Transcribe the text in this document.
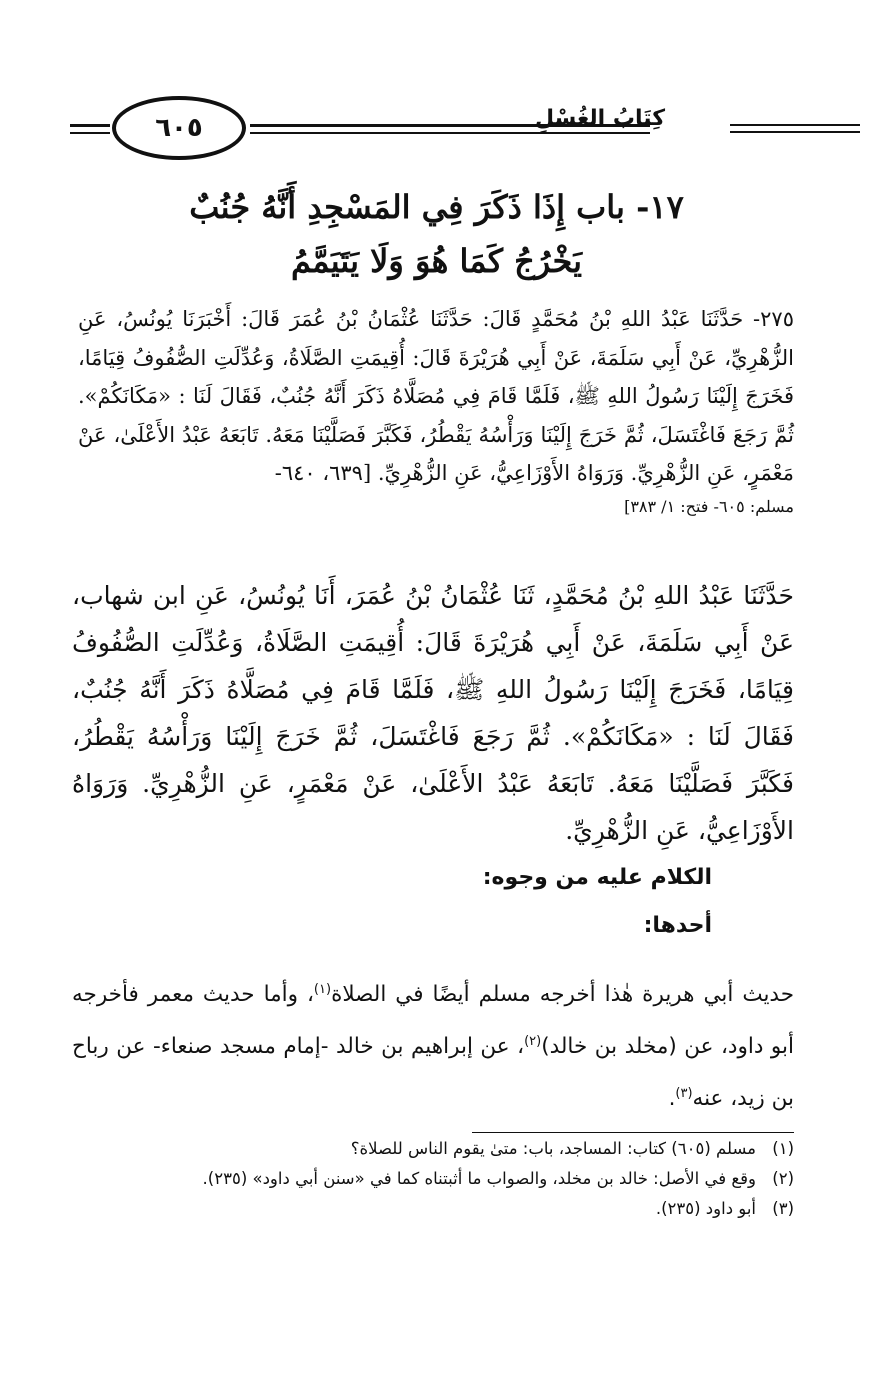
كِتَابُ الغُسْلِ
٦٠٥
١٧- باب إِذَا ذَكَرَ فِي المَسْجِدِ أَنَّهُ جُنُبٌ
يَخْرُجُ كَمَا هُوَ وَلَا يَتَيَمَّمُ

٢٧٥- حَدَّثَنَا عَبْدُ اللهِ بْنُ مُحَمَّدٍ قَالَ: حَدَّثَنَا عُثْمَانُ بْنُ عُمَرَ قَالَ: أَخْبَرَنَا يُونُسُ، عَنِ الزُّهْرِيِّ، عَنْ أَبِي سَلَمَةَ، عَنْ أَبِي هُرَيْرَةَ قَالَ: أُقِيمَتِ الصَّلَاةُ، وَعُدِّلَتِ الصُّفُوفُ قِيَامًا، فَخَرَجَ إِلَيْنَا رَسُولُ اللهِ ﷺ، فَلَمَّا قَامَ فِي مُصَلَّاهُ ذَكَرَ أَنَّهُ جُنُبٌ، فَقَالَ لَنَا : «مَكَانَكُمْ». ثُمَّ رَجَعَ فَاغْتَسَلَ، ثُمَّ خَرَجَ إِلَيْنَا وَرَأْسُهُ يَقْطُرُ، فَكَبَّرَ فَصَلَّيْنَا مَعَهُ. تَابَعَهُ عَبْدُ الأَعْلَىٰ، عَنْ مَعْمَرٍ، عَنِ الزُّهْرِيِّ. وَرَوَاهُ الأَوْزَاعِيُّ، عَنِ الزُّهْرِيِّ. [٦٣٩، ٦٤٠-

مسلم: ٦٠٥- فتح: ١/ ٣٨٣]

حَدَّثَنَا عَبْدُ اللهِ بْنُ مُحَمَّدٍ، ثَنَا عُثْمَانُ بْنُ عُمَرَ، أَنَا يُونُسُ، عَنِ ابن شهاب، عَنْ أَبِي سَلَمَةَ، عَنْ أَبِي هُرَيْرَةَ قَالَ: أُقِيمَتِ الصَّلَاةُ، وَعُدِّلَتِ الصُّفُوفُ قِيَامًا، فَخَرَجَ إِلَيْنَا رَسُولُ اللهِ ﷺ، فَلَمَّا قَامَ فِي مُصَلَّاهُ ذَكَرَ أَنَّهُ جُنُبٌ، فَقَالَ لَنَا : «مَكَانَكُمْ». ثُمَّ رَجَعَ فَاغْتَسَلَ، ثُمَّ خَرَجَ إِلَيْنَا وَرَأْسُهُ يَقْطُرُ، فَكَبَّرَ فَصَلَّيْنَا مَعَهُ. تَابَعَهُ عَبْدُ الأَعْلَىٰ، عَنْ مَعْمَرٍ، عَنِ الزُّهْرِيِّ. وَرَوَاهُ الأَوْزَاعِيُّ، عَنِ الزُّهْرِيِّ.

الكلام عليه من وجوه:
أحدها:

حديث أبي هريرة هٰذا أخرجه مسلم أيضًا في الصلاة$^{(١)}$، وأما حديث معمر فأخرجه أبو داود، عن (مخلد بن خالد)$^{(٢)}$، عن إبراهيم بن خالد -إمام مسجد صنعاء- عن رباح بن زيد، عنه$^{(٣)}$.

(١)
مسلم (٦٠٥) كتاب: المساجد، باب: متىٰ يقوم الناس للصلاة؟
(٢)
وقع في الأصل: خالد بن مخلد، والصواب ما أثبتناه كما في «سنن أبي داود» (٢٣٥).
(٣)
أبو داود (٢٣٥).
